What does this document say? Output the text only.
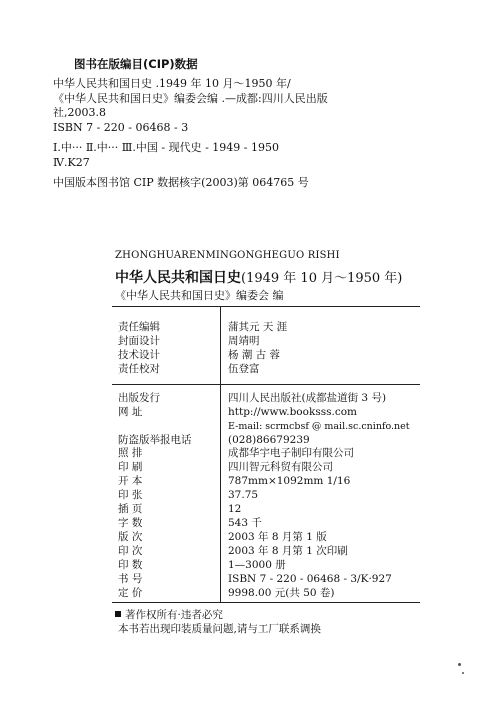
图书在版编目(CIP)数据
中华人民共和国日史 .1949 年 10 月～1950 年/
《中华人民共和国日史》编委会编 .—成都:四川人民出版
社,2003.8
ISBN 7 - 220 - 06468 - 3
Ⅰ.中··· Ⅱ.中··· Ⅲ.中国 - 现代史 - 1949 - 1950
Ⅳ.K27
中国版本图书馆 CIP 数据核字(2003)第 064765 号
ZHONGHUARENMINGONGHEGUO RISHI
中华人民共和国日史(1949 年 10 月～1950 年)
《中华人民共和国日史》编委会 编
责任编辑	蒲其元 天 涯
封面设计	周靖明
技术设计	杨 潮 古 蓉
责任校对	伍登富
出版发行	四川人民出版社(成都盐道街 3 号)
网 址	http://www.booksss.com
E-mail: scrmcbsf @ mail.sc.cninfo.net
防盗版举报电话	(028)86679239
照 排	成都华宇电子制印有限公司
印 刷	四川智元科贸有限公司
开 本	787mm×1092mm 1/16
印 张	37.75
插 页	12
字 数	543 千
版 次	2003 年 8 月第 1 版
印 次	2003 年 8 月第 1 次印刷
印 数	1—3000 册
书 号	ISBN 7 - 220 - 06468 - 3/K·927
定 价	9998.00 元(共 50 卷)
著作权所有·违者必究
本书若出现印装质量问题,请与工厂联系调换
